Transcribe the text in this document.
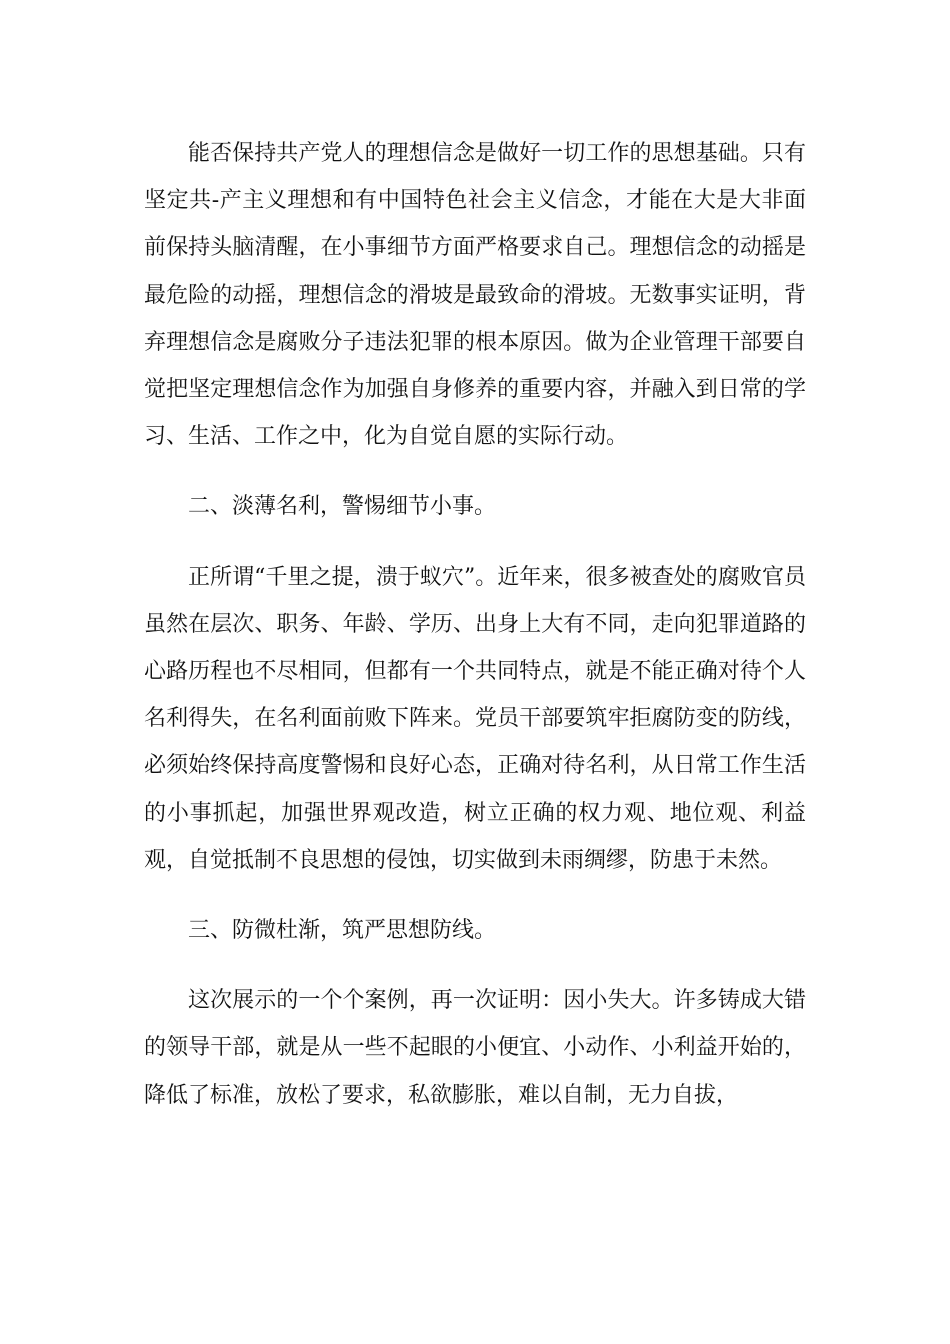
能否保持共产党人的理想信念是做好一切工作的思想基础。只有坚定共-产主义理想和有中国特色社会主义信念，才能在大是大非面前保持头脑清醒，在小事细节方面严格要求自己。理想信念的动摇是最危险的动摇，理想信念的滑坡是最致命的滑坡。无数事实证明，背弃理想信念是腐败分子违法犯罪的根本原因。做为企业管理干部要自觉把坚定理想信念作为加强自身修养的重要内容，并融入到日常的学习、生活、工作之中，化为自觉自愿的实际行动。

二、淡薄名利，警惕细节小事。

正所谓“千里之提，溃于蚁穴”。近年来，很多被查处的腐败官员虽然在层次、职务、年龄、学历、出身上大有不同，走向犯罪道路的心路历程也不尽相同，但都有一个共同特点，就是不能正确对待个人名利得失，在名利面前败下阵来。党员干部要筑牢拒腐防变的防线，必须始终保持高度警惕和良好心态，正确对待名利，从日常工作生活的小事抓起，加强世界观改造，树立正确的权力观、地位观、利益观，自觉抵制不良思想的侵蚀，切实做到未雨绸缪，防患于未然。

三、防微杜渐，筑严思想防线。

这次展示的一个个案例，再一次证明：因小失大。许多铸成大错的领导干部，就是从一些不起眼的小便宜、小动作、小利益开始的，降低了标准，放松了要求，私欲膨胀，难以自制，无力自拔，
